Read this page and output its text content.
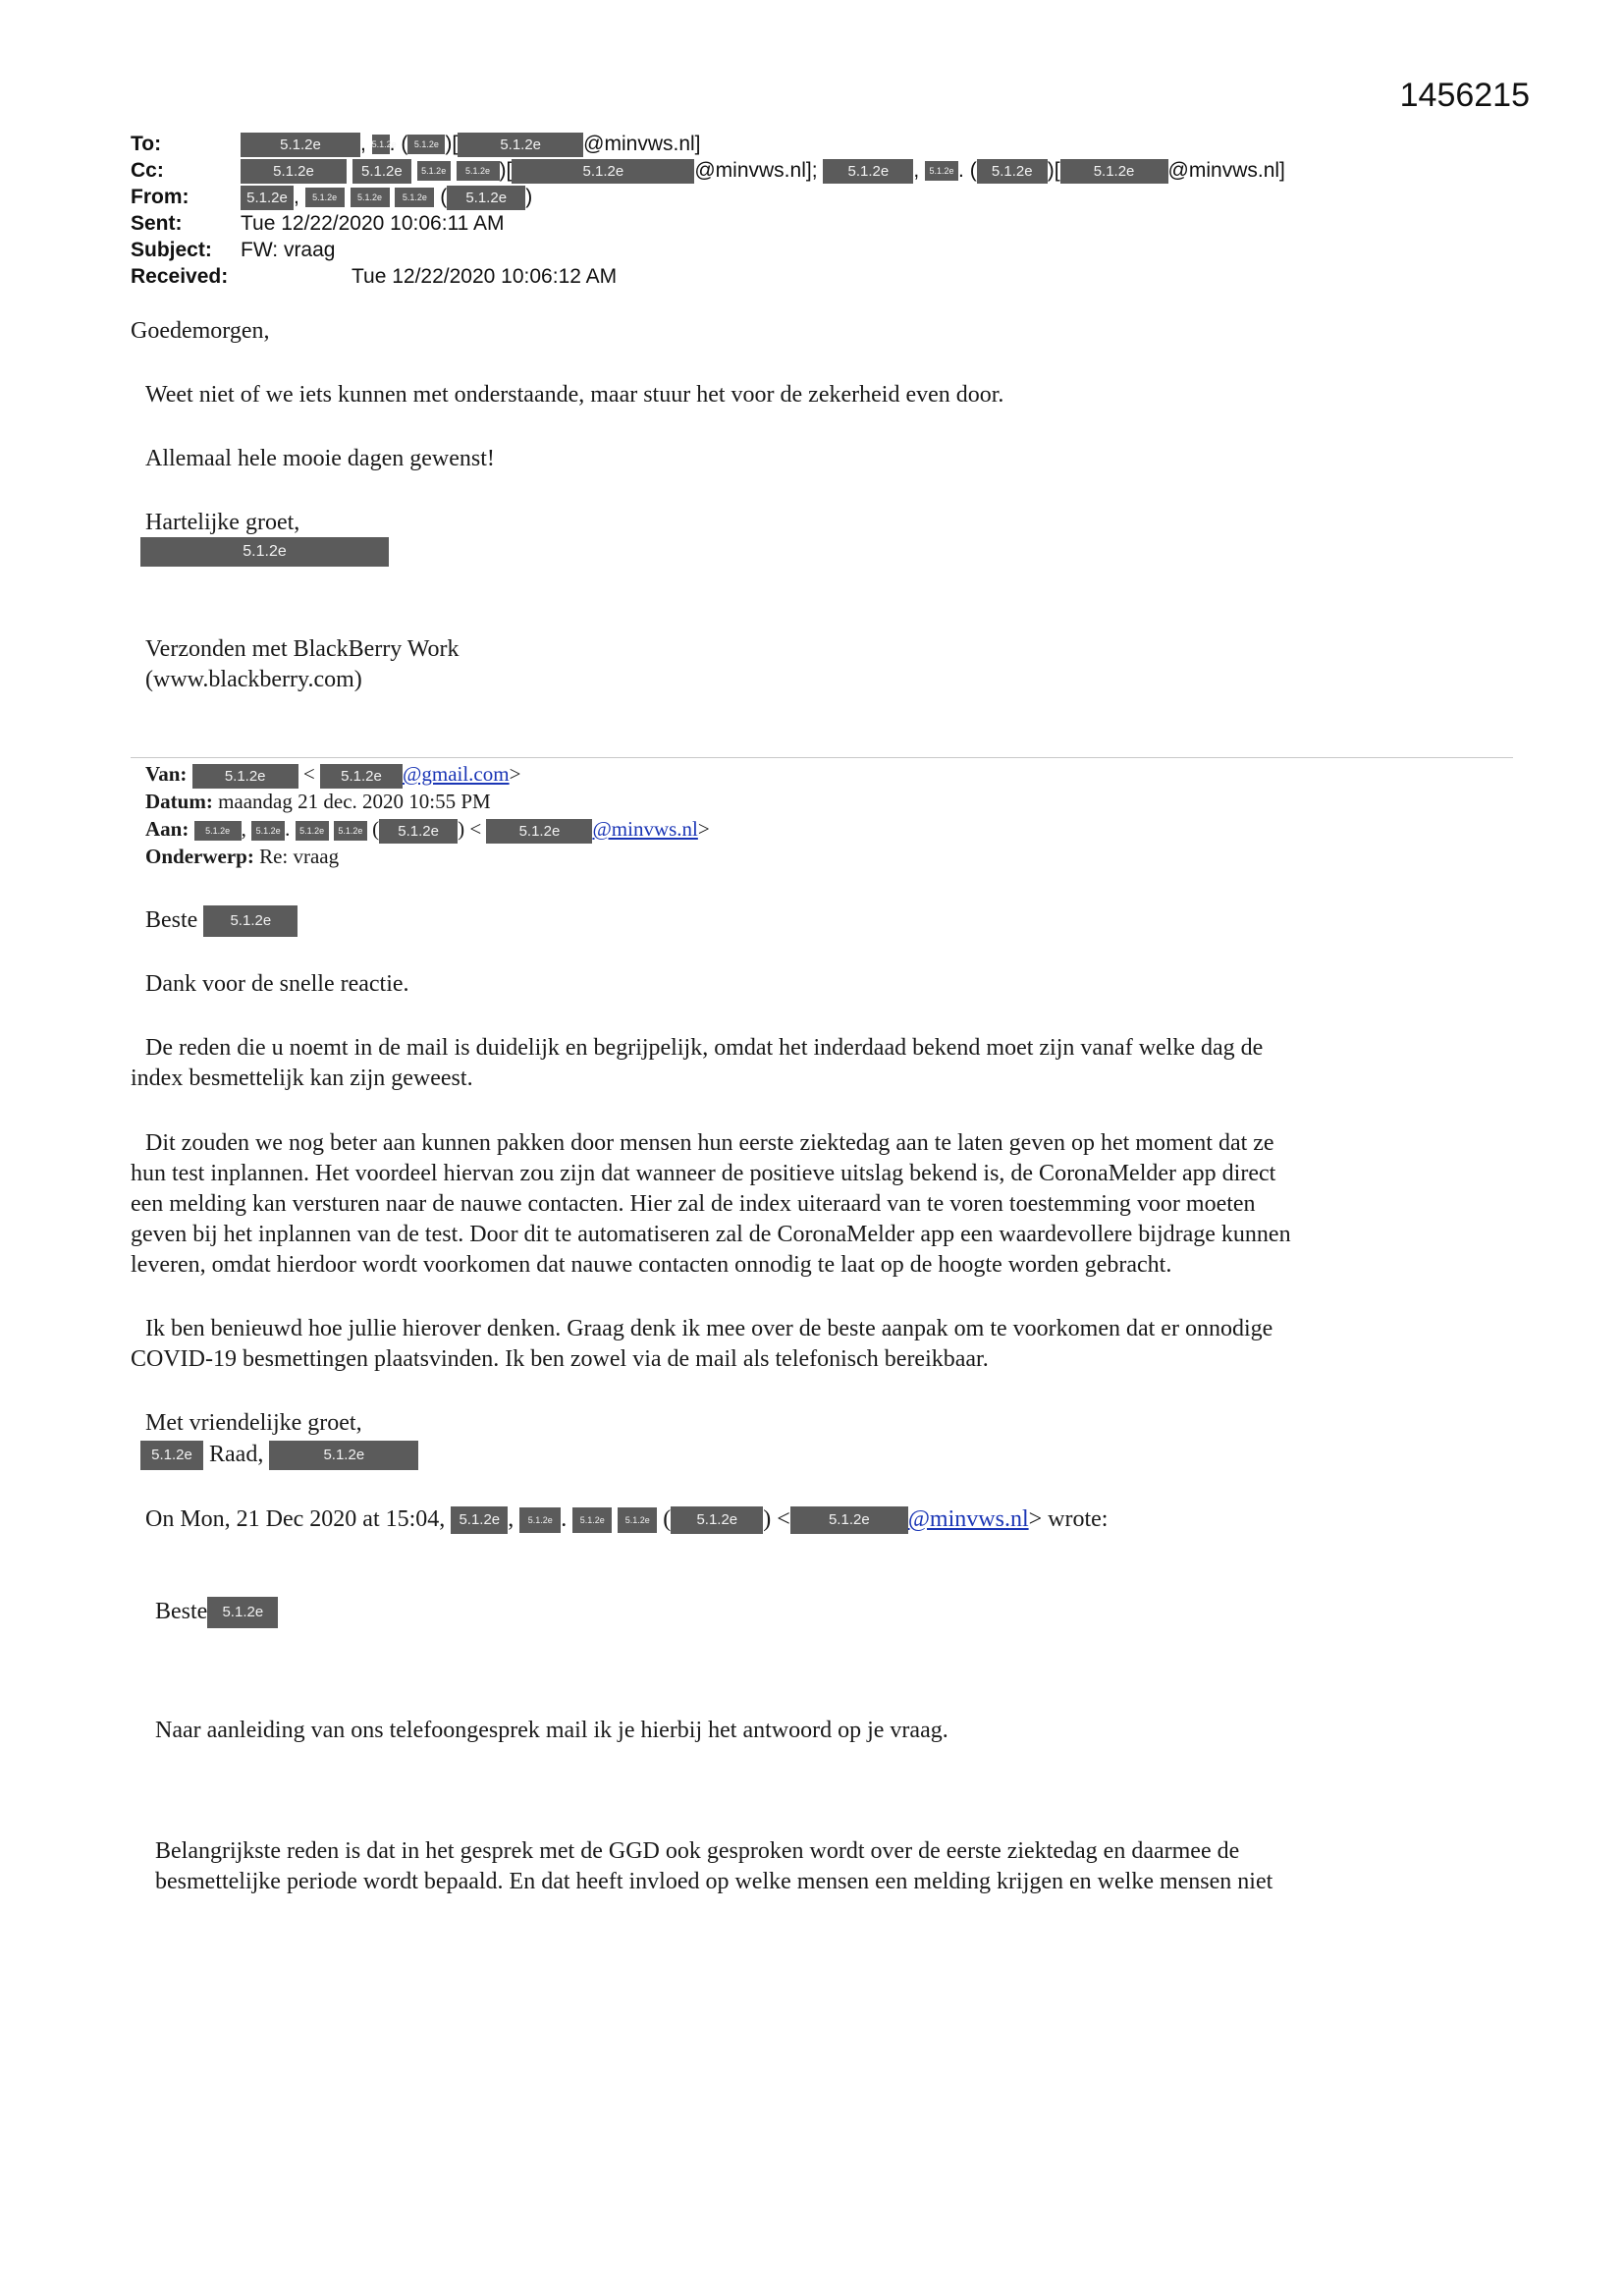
1456215
To:	5.1.2e , 5.1.2e. ( 5.1.2e )[	5.1.2e @minvws.nl]
Cc:	5.1.2e	5.1.2e 5.1.2e 5.1.2e )[	5.1.2e	@minvws.nl]; 5.1.2e , 5.1.2e . ( 5.1.2e )[ 5.1.2e @minvws.nl]
From:	5.1.2e , 5.1.2e 5.1.2e 5.1.2e ( 5.1.2e )
Sent:	Tue 12/22/2020 10:06:11 AM
Subject: FW: vraag
Received:	Tue 12/22/2020 10:06:12 AM
Goedemorgen,
Weet niet of we iets kunnen met onderstaande, maar stuur het voor de zekerheid even door.
Allemaal hele mooie dagen gewenst!
Hartelijke groet,
5.1.2e
Verzonden met BlackBerry Work
(www.blackberry.com)
Van:	5.1.2e < 5.1.2e @gmail.com>
Datum: maandag 21 dec. 2020 10:55 PM
Aan: 5.1.2e , 5.1.2e . 5.1.2e 5.1.2e ( 5.1.2e ) < 5.1.2e @minvws.nl>
Onderwerp: Re: vraag
Beste 5.1.2e
Dank voor de snelle reactie.
De reden die u noemt in de mail is duidelijk en begrijpelijk, omdat het inderdaad bekend moet zijn vanaf welke dag de
index besmettelijk kan zijn geweest.
Dit zouden we nog beter aan kunnen pakken door mensen hun eerste ziektedag aan te laten geven op het moment dat ze
hun test inplannen. Het voordeel hiervan zou zijn dat wanneer de positieve uitslag bekend is, de CoronaMelder app direct
een melding kan versturen naar de nauwe contacten. Hier zal de index uiteraard van te voren toestemming voor moeten
geven bij het inplannen van de test. Door dit te automatiseren zal de CoronaMelder app een waardevollere bijdrage kunnen
leveren, omdat hierdoor wordt voorkomen dat nauwe contacten onnodig te laat op de hoogte worden gebracht.
Ik ben benieuwd hoe jullie hierover denken. Graag denk ik mee over de beste aanpak om te voorkomen dat er onnodige
COVID-19 besmettingen plaatsvinden. Ik ben zowel via de mail als telefonisch bereikbaar.
Met vriendelijke groet,
5.1.2e Raad,	5.1.2e
On Mon, 21 Dec 2020 at 15:04, 5.1.2e , 5.1.2e . 5.1.2e 5.1.2e ( 5.1.2e ) <	5.1.2e @minvws.nl> wrote:
Beste 5.1.2e
Naar aanleiding van ons telefoongesprek mail ik je hierbij het antwoord op je vraag.
Belangrijkste reden is dat in het gesprek met de GGD ook gesproken wordt over de eerste ziektedag en daarmee de
besmettelijke periode wordt bepaald. En dat heeft invloed op welke mensen een melding krijgen en welke mensen niet
